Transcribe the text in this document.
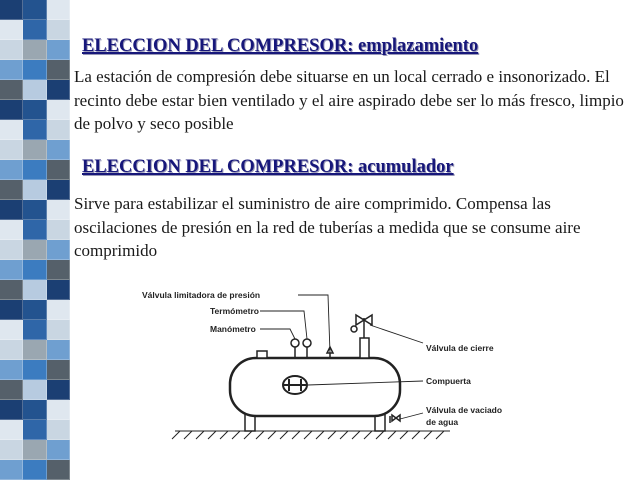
ELECCION DEL COMPRESOR: emplazamiento

La estación de compresión debe situarse en un local cerrado e insonorizado. El recinto debe estar bien ventilado y el aire aspirado debe ser lo más fresco, limpio de polvo y seco posible

ELECCION DEL COMPRESOR: acumulador

Sirve para estabilizar el suministro de aire comprimido. Compensa las oscilaciones de presión en la red de tuberías a medida que se consume aire comprimido

Válvula limitadora de presión
Termómetro
Manómetro
Válvula de cierre
Compuerta
Válvula de vaciado
de agua
